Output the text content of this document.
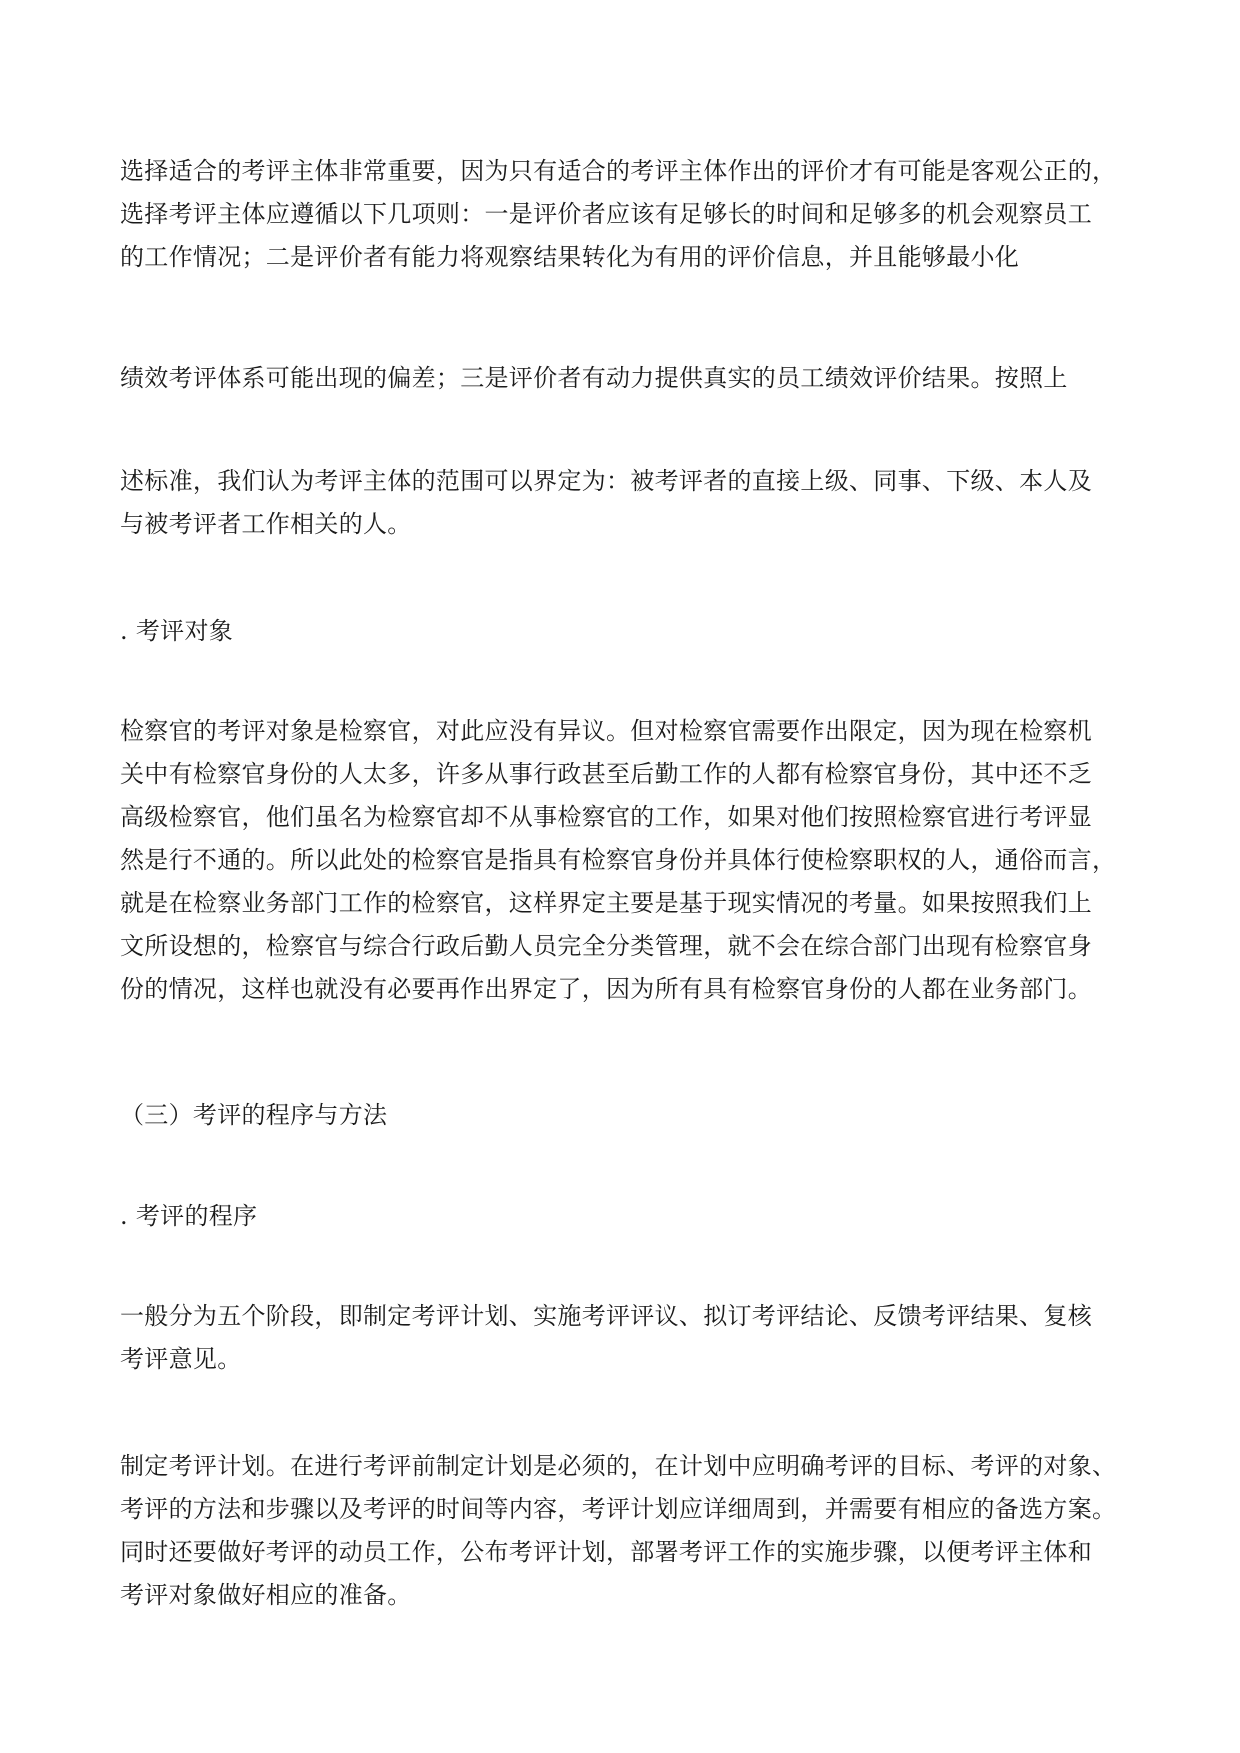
选择适合的考评主体非常重要，因为只有适合的考评主体作出的评价才有可能是客观公正的，
选择考评主体应遵循以下几项则：一是评价者应该有足够长的时间和足够多的机会观察员工
的工作情况；二是评价者有能力将观察结果转化为有用的评价信息，并且能够最小化

绩效考评体系可能出现的偏差；三是评价者有动力提供真实的员工绩效评价结果。按照上

述标准，我们认为考评主体的范围可以界定为：被考评者的直接上级、同事、下级、本人及
与被考评者工作相关的人。

. 考评对象

检察官的考评对象是检察官，对此应没有异议。但对检察官需要作出限定，因为现在检察机
关中有检察官身份的人太多，许多从事行政甚至后勤工作的人都有检察官身份，其中还不乏
高级检察官，他们虽名为检察官却不从事检察官的工作，如果对他们按照检察官进行考评显
然是行不通的。所以此处的检察官是指具有检察官身份并具体行使检察职权的人，通俗而言，
就是在检察业务部门工作的检察官，这样界定主要是基于现实情况的考量。如果按照我们上
文所设想的，检察官与综合行政后勤人员完全分类管理，就不会在综合部门出现有检察官身
份的情况，这样也就没有必要再作出界定了，因为所有具有检察官身份的人都在业务部门。

（三）考评的程序与方法

. 考评的程序

一般分为五个阶段，即制定考评计划、实施考评评议、拟订考评结论、反馈考评结果、复核
考评意见。

制定考评计划。在进行考评前制定计划是必须的，在计划中应明确考评的目标、考评的对象、
考评的方法和步骤以及考评的时间等内容，考评计划应详细周到，并需要有相应的备选方案。
同时还要做好考评的动员工作，公布考评计划，部署考评工作的实施步骤，以便考评主体和
考评对象做好相应的准备。
